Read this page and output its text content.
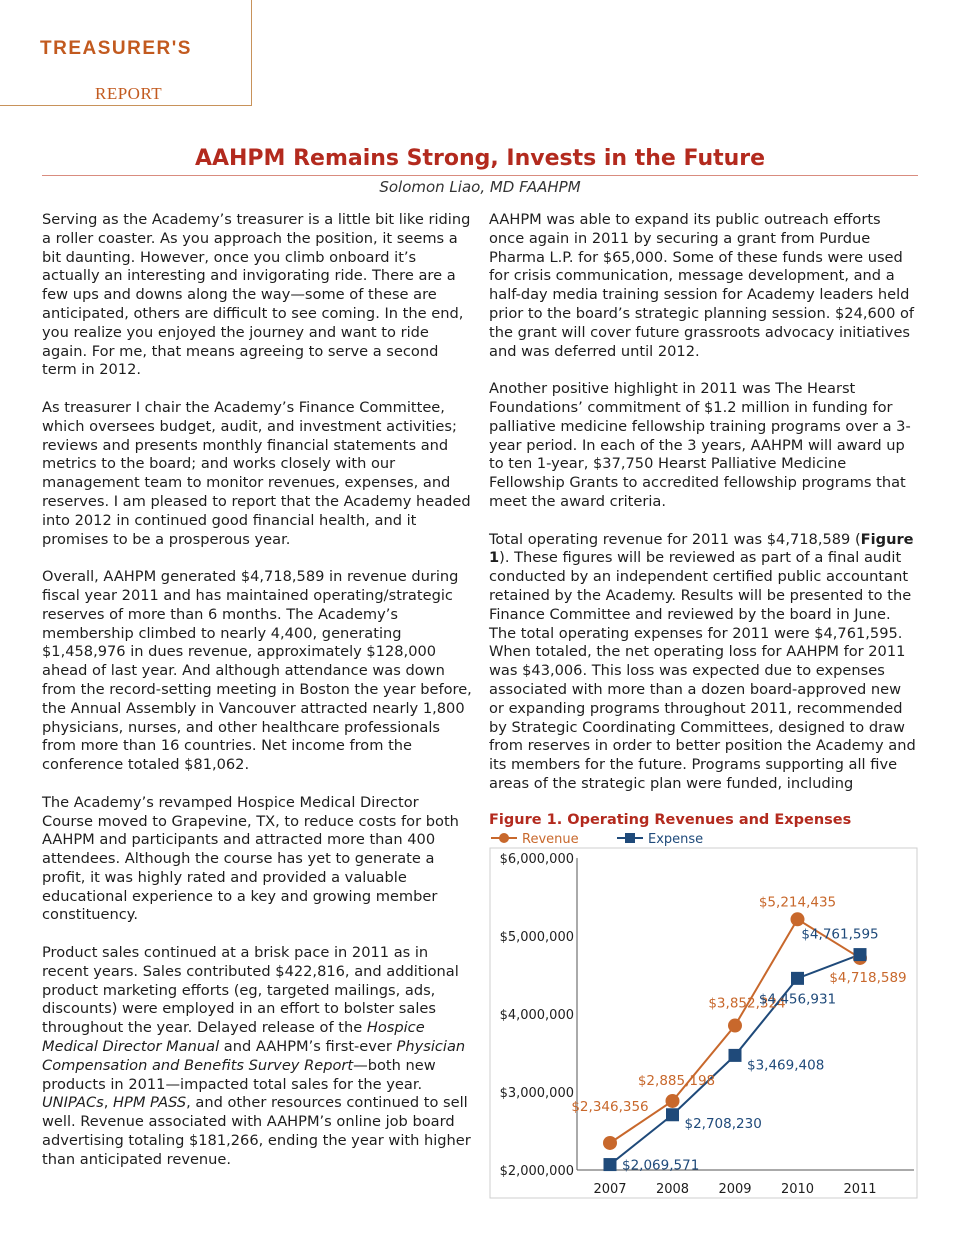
TREASURER'S
REPORT
AAHPM Remains Strong, Invests in the Future
Solomon Liao, MD FAAHPM

Serving as the Academy’s treasurer is a little bit like riding a roller coaster. As you approach the position, it seems a bit daunting. However, once you climb onboard it’s actually an interesting and invigorating ride. There are a few ups and downs along the way—some of these are anticipated, others are difficult to see coming. In the end, you realize you enjoyed the journey and want to ride again. For me, that means agreeing to serve a second term in 2012.

As treasurer I chair the Academy’s Finance Committee, which oversees budget, audit, and investment activities; reviews and presents monthly financial statements and metrics to the board; and works closely with our management team to monitor revenues, expenses, and reserves. I am pleased to report that the Academy headed into 2012 in continued good financial health, and it promises to be a prosperous year.

Overall, AAHPM generated $4,718,589 in revenue during fiscal year 2011 and has maintained operating/strategic reserves of more than 6 months. The Academy’s membership climbed to nearly 4,400, generating $1,458,976 in dues revenue, approximately $128,000 ahead of last year. And although attendance was down from the record-setting meeting in Boston the year before, the Annual Assembly in Vancouver attracted nearly 1,800 physicians, nurses, and other healthcare professionals from more than 16 countries. Net income from the conference totaled $81,062.

The Academy’s revamped Hospice Medical Director Course moved to Grapevine, TX, to reduce costs for both AAHPM and participants and attracted more than 400 attendees. Although the course has yet to generate a profit, it was highly rated and provided a valuable educational experience to a key and growing member constituency.

Product sales continued at a brisk pace in 2011 as in recent years. Sales contributed $422,816, and additional product marketing efforts (eg, targeted mailings, ads, discounts) were employed in an effort to bolster sales throughout the year. Delayed release of the Hospice Medical Director Manual and AAHPM’s first-ever Physician Compensation and Benefits Survey Report—both new products in 2011—impacted total sales for the year. UNIPACs, HPM PASS, and other resources continued to sell well. Revenue associated with AAHPM’s online job board advertising totaling $181,266, ending the year with higher than anticipated revenue.

AAHPM was able to expand its public outreach efforts once again in 2011 by securing a grant from Purdue Pharma L.P. for $65,000. Some of these funds were used for crisis communication, message development, and a half-day media training session for Academy leaders held prior to the board’s strategic planning session. $24,600 of the grant will cover future grassroots advocacy initiatives and was deferred until 2012.

Another positive highlight in 2011 was The Hearst Foundations’ commitment of $1.2 million in funding for palliative medicine fellowship training programs over a 3-year period. In each of the 3 years, AAHPM will award up to ten 1-year, $37,750 Hearst Palliative Medicine Fellowship Grants to accredited fellowship programs that meet the award criteria.

Total operating revenue for 2011 was $4,718,589 (Figure 1). These figures will be reviewed as part of a final audit conducted by an independent certified public accountant retained by the Academy. Results will be presented to the Finance Committee and reviewed by the board in June. The total operating expenses for 2011 were $4,761,595. When totaled, the net operating loss for AAHPM for 2011 was $43,006. This loss was expected due to expenses associated with more than a dozen board-approved new or expanding programs throughout 2011, recommended by Strategic Coordinating Committees, designed to draw from reserves in order to better position the Academy and its members for the future. Programs supporting all five areas of the strategic plan were funded, including

Figure 1. Operating Revenues and Expenses
Revenue	Expense
$2,000,000
$3,000,000
$4,000,000
$5,000,000
$6,000,000
2007 2008 2009 2010 2011
$2,346,356
$2,885,198
$3,852,324
$5,214,435
$4,718,589
$2,069,571
$2,708,230
$3,469,408
$4,456,931
$4,761,595
